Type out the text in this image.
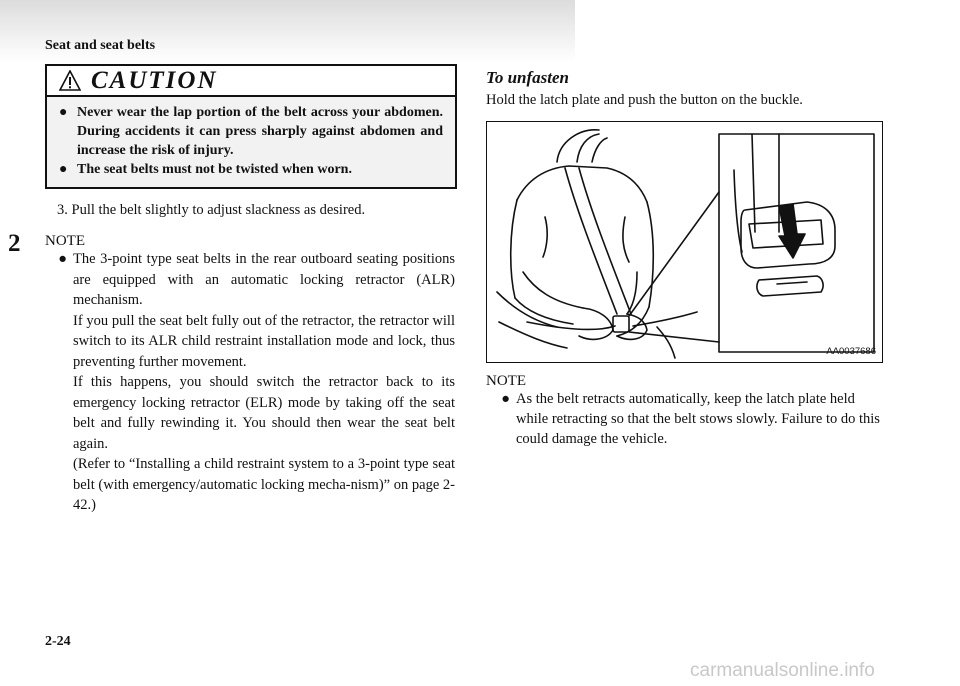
Seat and seat belts
2
CAUTION
● Never wear the lap portion of the belt across your abdomen. During accidents it can press sharply against abdomen and increase the risk of injury.
● The seat belts must not be twisted when worn.
3. Pull the belt slightly to adjust slackness as desired.
NOTE
● The 3-point type seat belts in the rear outboard seating positions are equipped with an automatic locking retractor (ALR) mechanism.

If you pull the seat belt fully out of the retractor, the retractor will switch to its ALR child restraint installation mode and lock, thus preventing further movement.

If this happens, you should switch the retractor back to its emergency locking retractor (ELR) mode by taking off the seat belt and fully rewinding it. You should then wear the seat belt again.

(Refer to “Installing a child restraint system to a 3-point type seat belt (with emergency/automatic locking mecha-nism)” on page 2-42.)

To unfasten
Hold the latch plate and push the button on the buckle.
AA0037686
NOTE
● As the belt retracts automatically, keep the latch plate held while retracting so that the belt stows slowly. Failure to do this could damage the vehicle.
2-24
carmanualsonline.info
